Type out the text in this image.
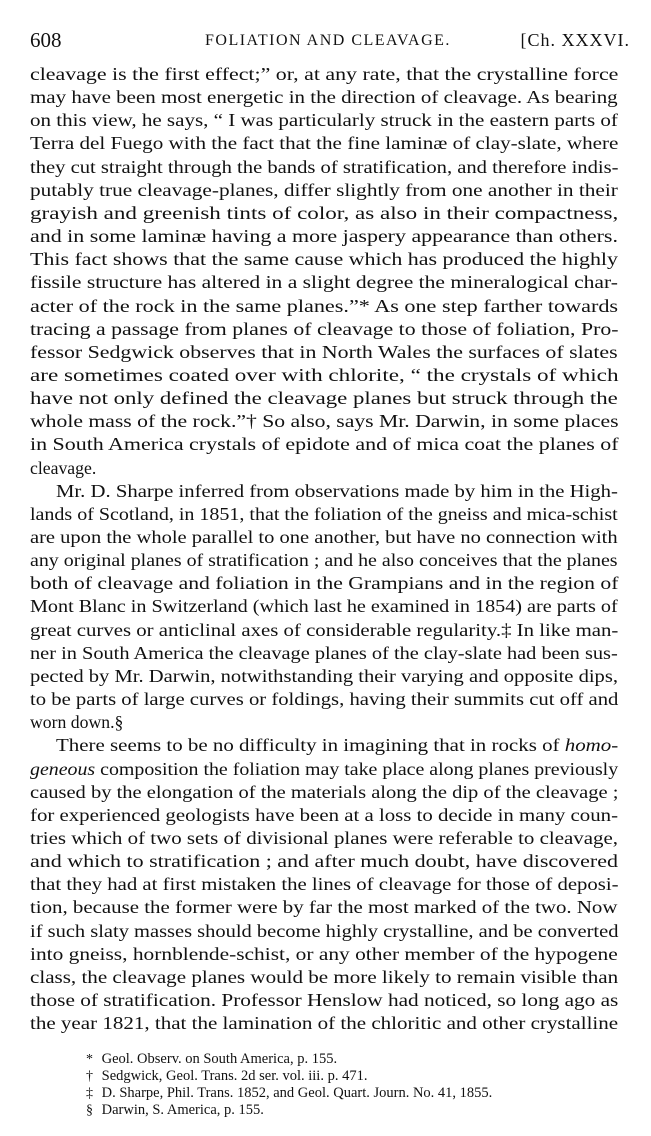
608	FOLIATION AND CLEAVAGE.	[Ch. XXXVI.
cleavage is the first effect;” or, at any rate, that the crystalline force
may have been most energetic in the direction of cleavage. As bearing
on this view, he says, “ I was particularly struck in the eastern parts of
Terra del Fuego with the fact that the fine laminæ of clay-slate, where
they cut straight through the bands of stratification, and therefore indis-
putably true cleavage-planes, differ slightly from one another in their
grayish and greenish tints of color, as also in their compactness,
and in some laminæ having a more jaspery appearance than others.
This fact shows that the same cause which has produced the highly
fissile structure has altered in a slight degree the mineralogical char-
acter of the rock in the same planes.”* As one step farther towards
tracing a passage from planes of cleavage to those of foliation, Pro-
fessor Sedgwick observes that in North Wales the surfaces of slates
are sometimes coated over with chlorite, “ the crystals of which
have not only defined the cleavage planes but struck through the
whole mass of the rock.”† So also, says Mr. Darwin, in some places
in South America crystals of epidote and of mica coat the planes of
cleavage.
Mr. D. Sharpe inferred from observations made by him in the High-
lands of Scotland, in 1851, that the foliation of the gneiss and mica-schist
are upon the whole parallel to one another, but have no connection with
any original planes of stratification ; and he also conceives that the planes
both of cleavage and foliation in the Grampians and in the region of
Mont Blanc in Switzerland (which last he examined in 1854) are parts of
great curves or anticlinal axes of considerable regularity.‡ In like man-
ner in South America the cleavage planes of the clay-slate had been sus-
pected by Mr. Darwin, notwithstanding their varying and opposite dips,
to be parts of large curves or foldings, having their summits cut off and
worn down.§
There seems to be no difficulty in imagining that in rocks of homo-
geneous composition the foliation may take place along planes previously
caused by the elongation of the materials along the dip of the cleavage ;
for experienced geologists have been at a loss to decide in many coun-
tries which of two sets of divisional planes were referable to cleavage,
and which to stratification ; and after much doubt, have discovered
that they had at first mistaken the lines of cleavage for those of deposi-
tion, because the former were by far the most marked of the two. Now
if such slaty masses should become highly crystalline, and be converted
into gneiss, hornblende-schist, or any other member of the hypogene
class, the cleavage planes would be more likely to remain visible than
those of stratification. Professor Henslow had noticed, so long ago as
the year 1821, that the lamination of the chloritic and other crystalline
* Geol. Observ. on South America, p. 155.
† Sedgwick, Geol. Trans. 2d ser. vol. iii. p. 471.
‡ D. Sharpe, Phil. Trans. 1852, and Geol. Quart. Journ. No. 41, 1855.
§ Darwin, S. America, p. 155.
